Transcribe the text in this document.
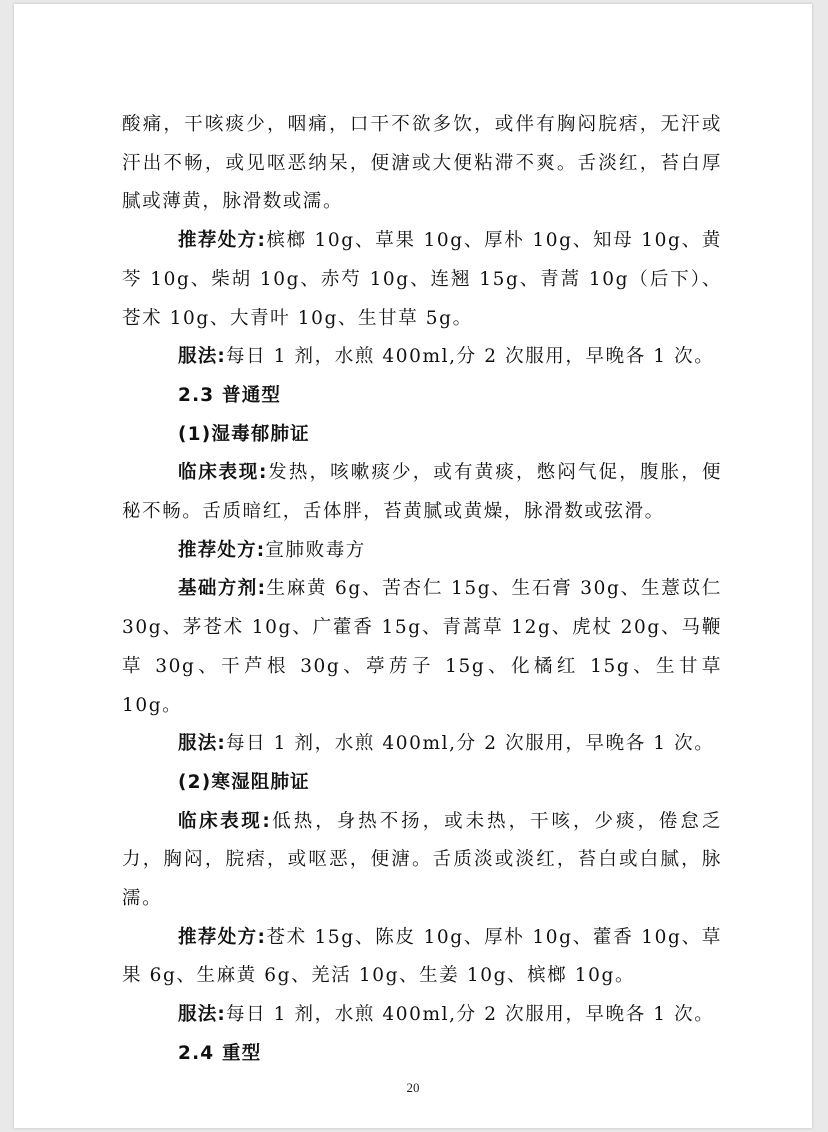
酸痛，干咳痰少，咽痛，口干不欲多饮，或伴有胸闷脘痞，无汗或汗出不畅，或见呕恶纳呆，便溏或大便粘滞不爽。舌淡红，苔白厚腻或薄黄，脉滑数或濡。

推荐处方:槟榔 10g、草果 10g、厚朴 10g、知母 10g、黄芩 10g、柴胡 10g、赤芍 10g、连翘 15g、青蒿 10g（后下）、苍术 10g、大青叶 10g、生甘草 5g。

服法:每日 1 剂，水煎 400ml,分 2 次服用，早晚各 1 次。

2.3 普通型

(1)湿毒郁肺证

临床表现:发热，咳嗽痰少，或有黄痰，憋闷气促，腹胀，便秘不畅。舌质暗红，舌体胖，苔黄腻或黄燥，脉滑数或弦滑。

推荐处方:宣肺败毒方

基础方剂:生麻黄 6g、苦杏仁 15g、生石膏 30g、生薏苡仁 30g、茅苍术 10g、广藿香 15g、青蒿草 12g、虎杖 20g、马鞭草 30g、干芦根 30g、葶苈子 15g、化橘红 15g、生甘草 10g。

服法:每日 1 剂，水煎 400ml,分 2 次服用，早晚各 1 次。

(2)寒湿阻肺证

临床表现:低热，身热不扬，或未热，干咳，少痰，倦怠乏力，胸闷，脘痞，或呕恶，便溏。舌质淡或淡红，苔白或白腻，脉濡。

推荐处方:苍术 15g、陈皮 10g、厚朴 10g、藿香 10g、草果 6g、生麻黄 6g、羌活 10g、生姜 10g、槟榔 10g。

服法:每日 1 剂，水煎 400ml,分 2 次服用，早晚各 1 次。

2.4 重型

20
